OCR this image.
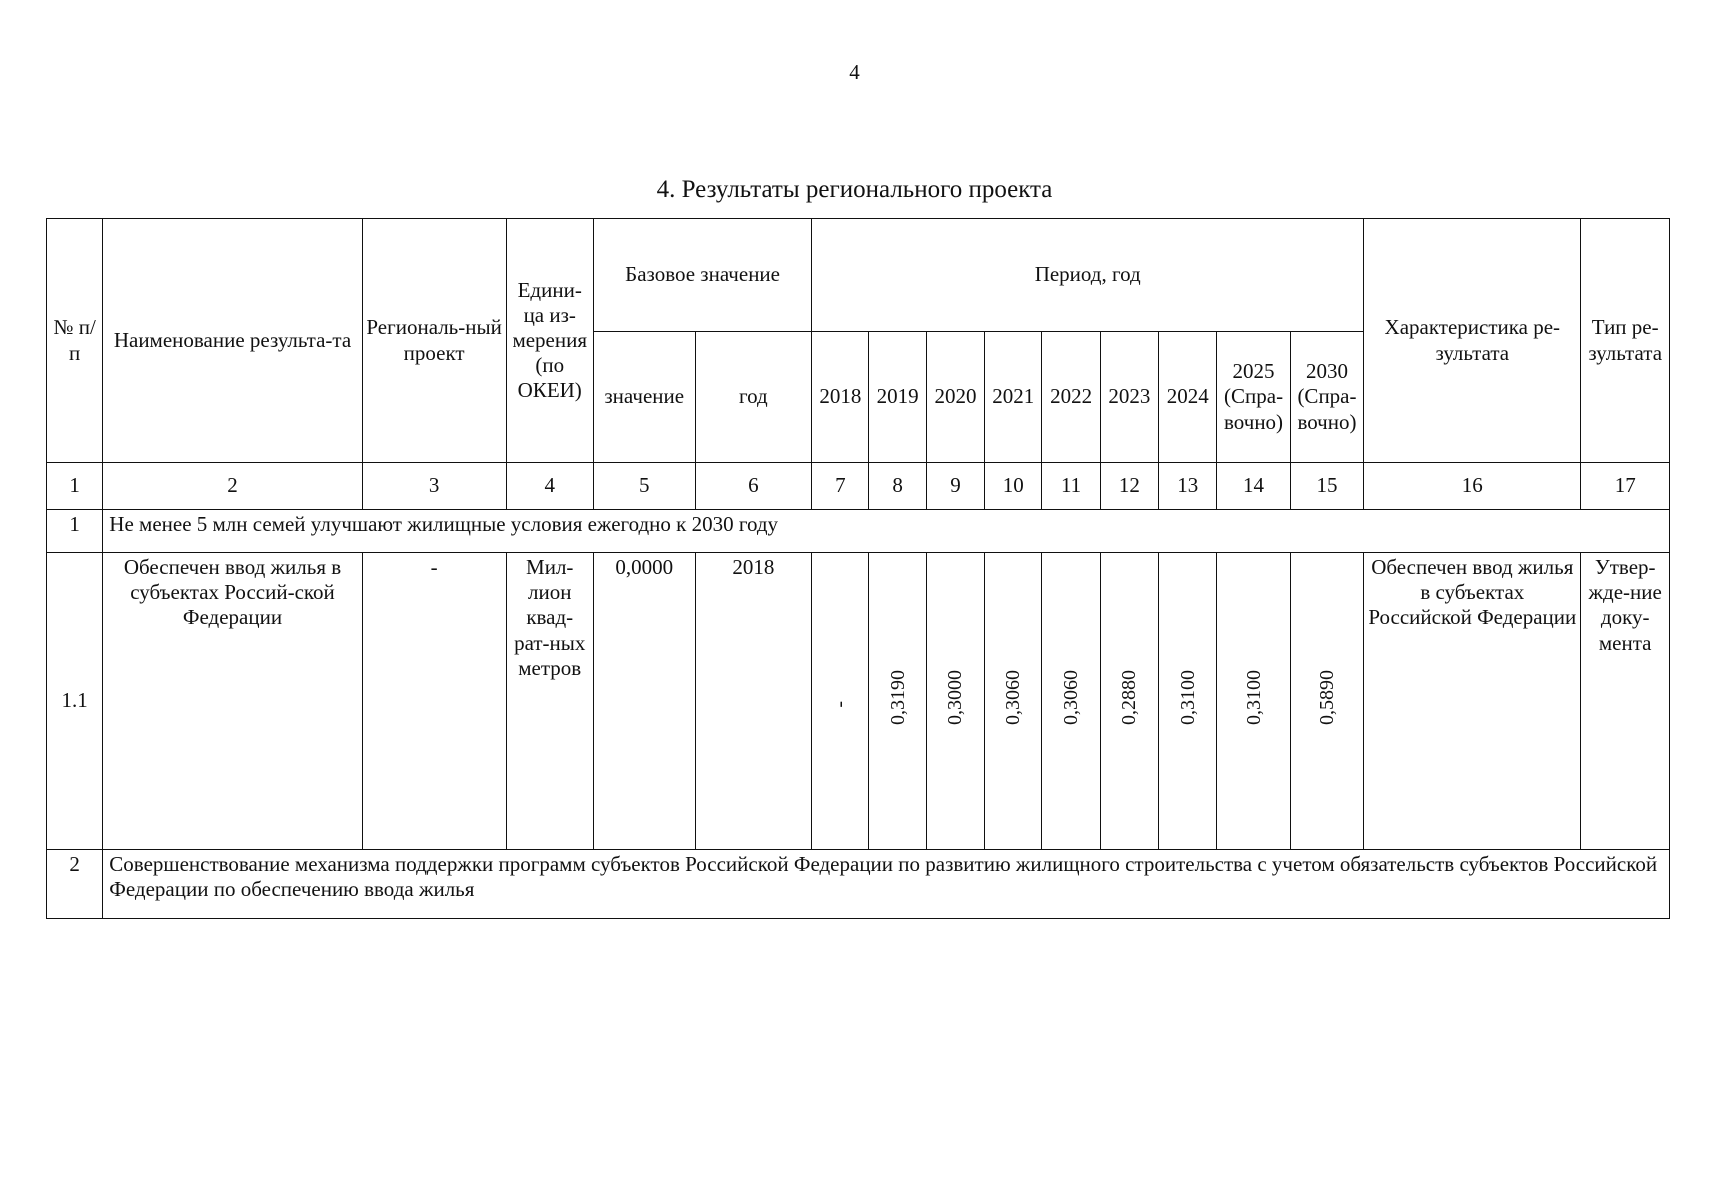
4
4. Результаты регионального проекта
№ п/п	Наименование результа-та	Региональ-ный проект	Едини-ца из-мерения (по ОКЕИ)	Базовое значение		Период, год									Характеристика ре-зультата	Тип ре-зультата
				значение	год	2018	2019	2020	2021	2022	2023	2024	2025 (Спра-вочно)	2030 (Спра-вочно)		
1	2	3	4	5	6	7	8	9	10	11	12	13	14	15	16	17
1	Не менее 5 млн семей улучшают жилищные условия ежегодно к 2030 году															
1.1	Обеспечен ввод жилья в субъектах Россий-ской Федерации	-	Мил-лион квад-рат-ных метров	0,0000	2018	-	0,3190	0,3000	0,3060	0,3060	0,2880	0,3100	0,3100	0,5890	Обеспечен ввод жилья в субъектах Российской Федерации	Утвер-жде-ние доку-мента
2	Совершенствование механизма поддержки программ субъектов Российской Федерации по развитию жилищного строительства с учетом обязательств субъектов Российской Федерации по обеспечению ввода жилья															
